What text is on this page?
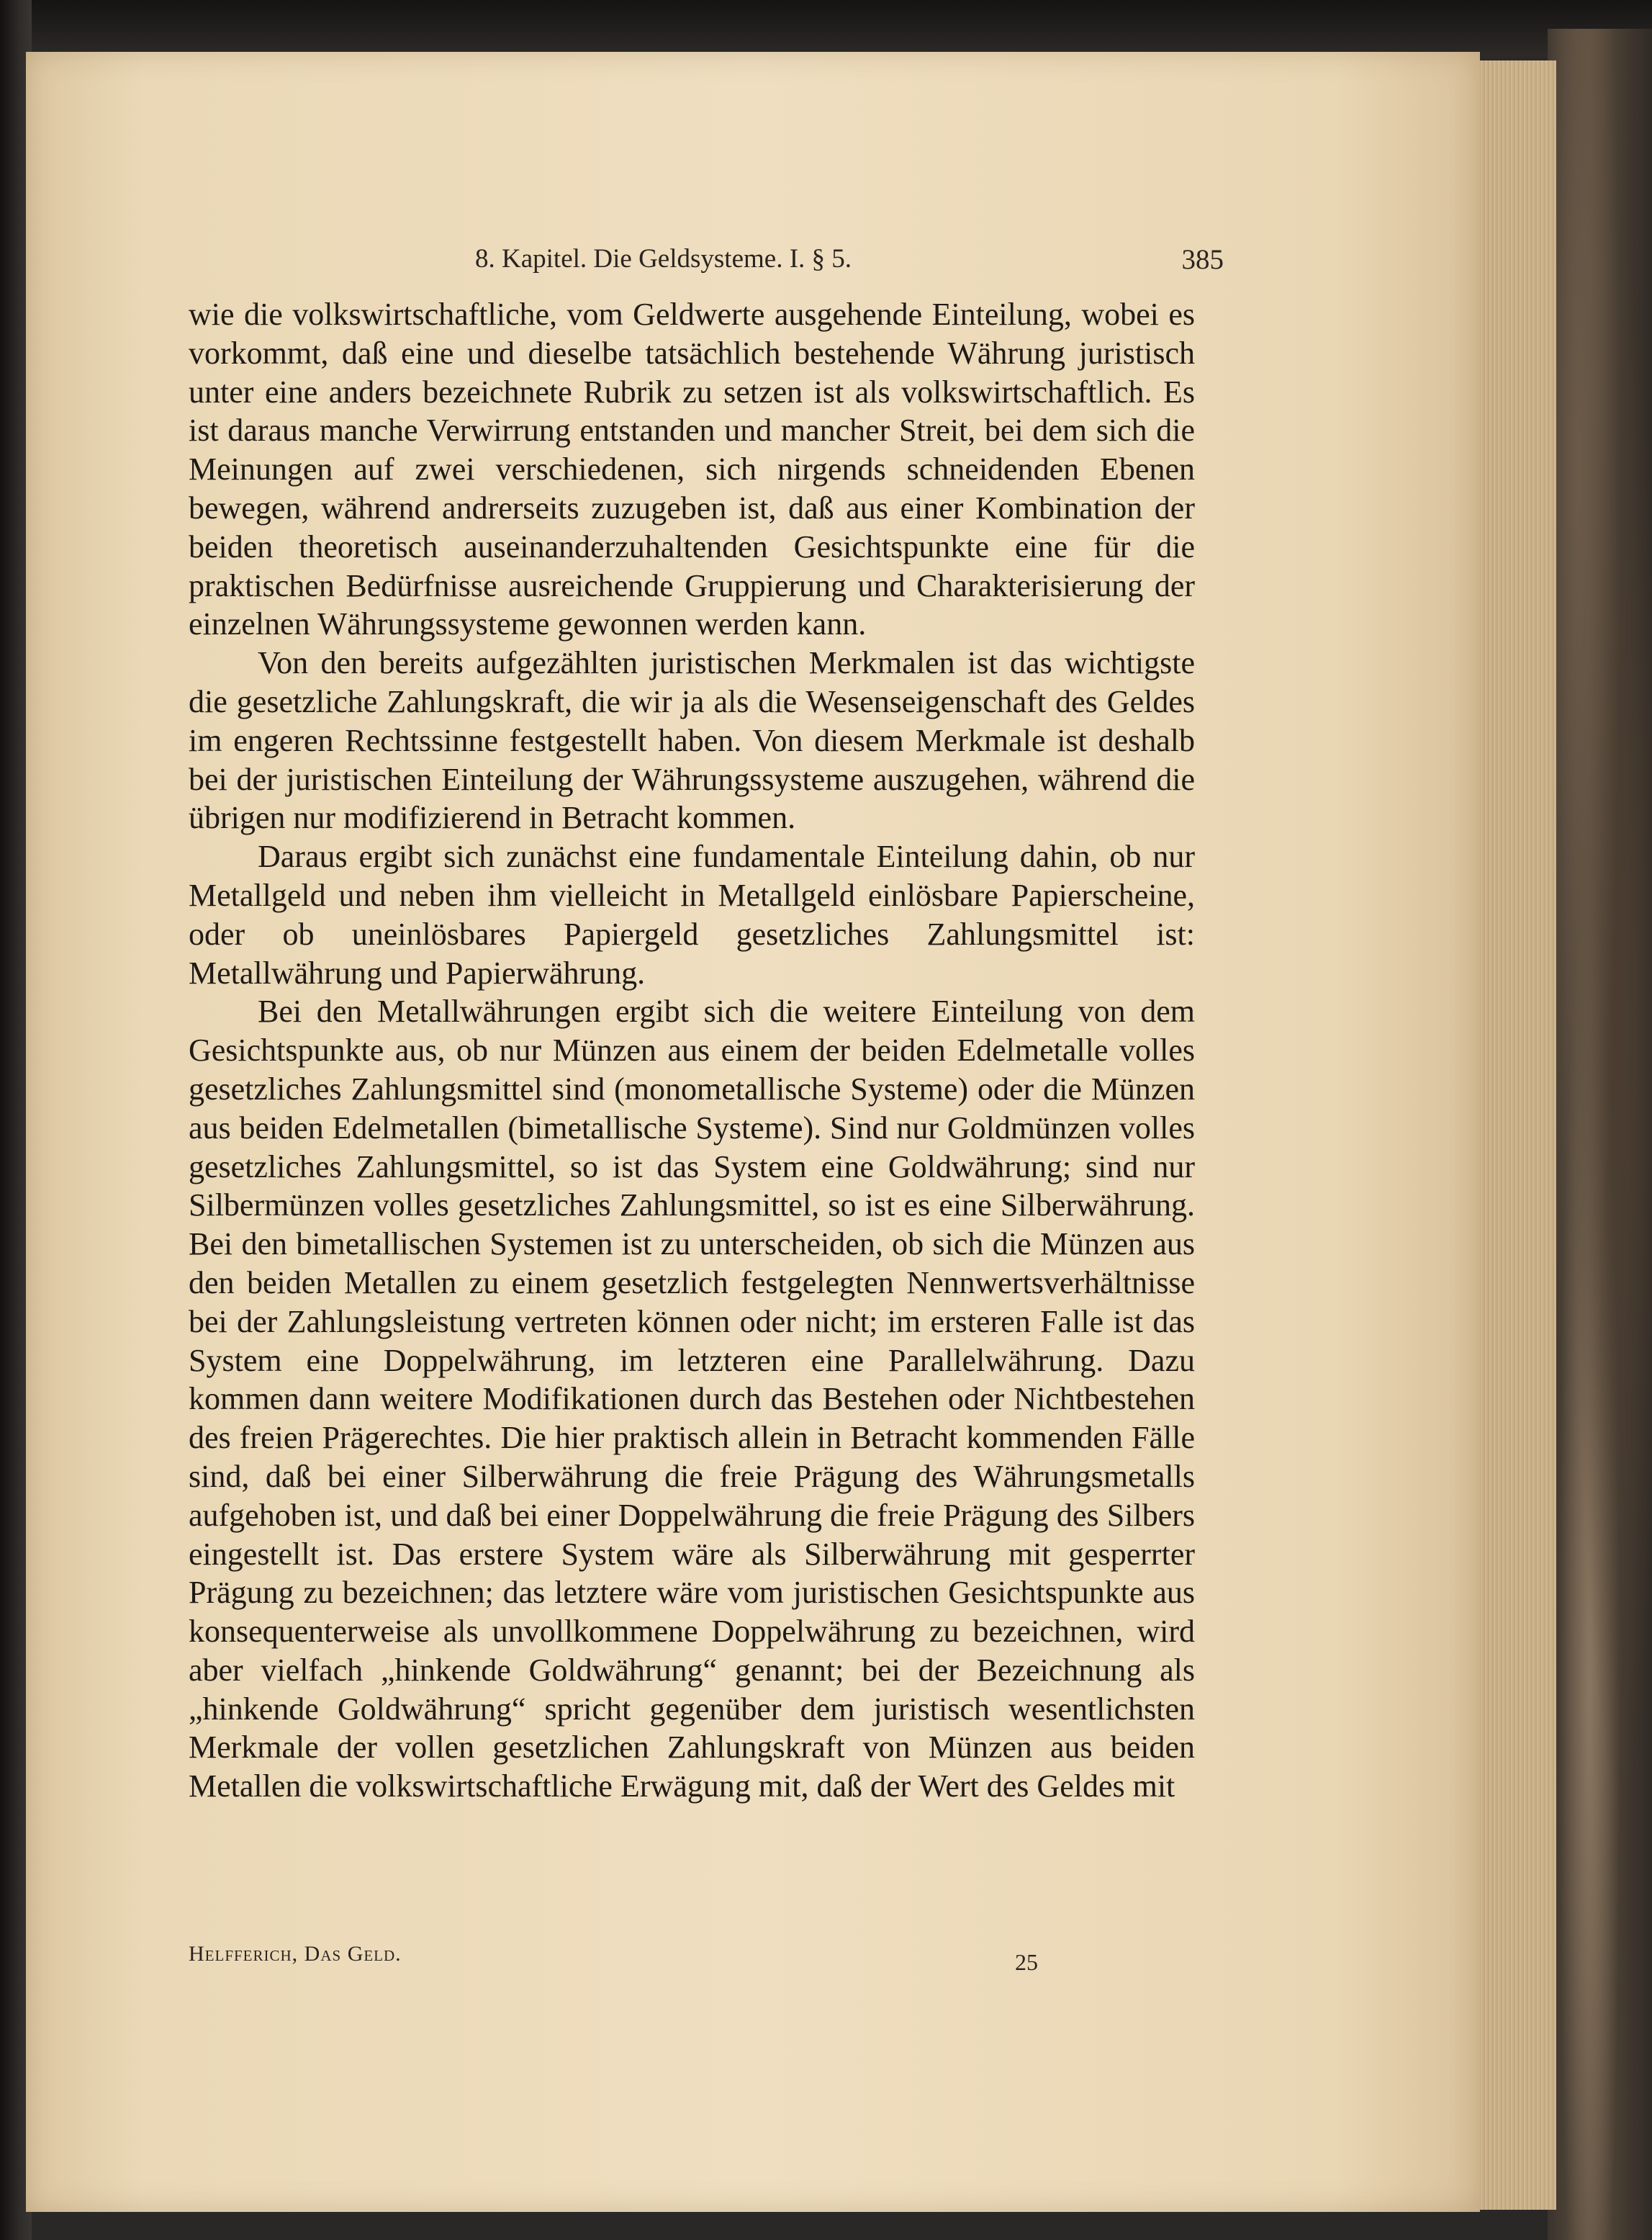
8. Kapitel. Die Geldsysteme. I. § 5.	385

wie die volkswirtschaftliche, vom Geldwerte ausgehende Einteilung, wobei es vorkommt, daß eine und dieselbe tatsächlich bestehende Währung juristisch unter eine anders bezeichnete Rubrik zu setzen ist als volkswirtschaftlich. Es ist daraus manche Verwirrung entstanden und mancher Streit, bei dem sich die Meinungen auf zwei verschiedenen, sich nirgends schneidenden Ebenen bewegen, während andrerseits zuzugeben ist, daß aus einer Kombination der beiden theoretisch auseinanderzuhaltenden Gesichtspunkte eine für die praktischen Bedürfnisse ausreichende Gruppierung und Charakterisierung der einzelnen Währungssysteme gewonnen werden kann.

Von den bereits aufgezählten juristischen Merkmalen ist das wichtigste die gesetzliche Zahlungskraft, die wir ja als die Wesenseigenschaft des Geldes im engeren Rechtssinne festgestellt haben. Von diesem Merkmale ist deshalb bei der juristischen Einteilung der Währungssysteme auszugehen, während die übrigen nur modifizierend in Betracht kommen.

Daraus ergibt sich zunächst eine fundamentale Einteilung dahin, ob nur Metallgeld und neben ihm vielleicht in Metallgeld einlösbare Papierscheine, oder ob uneinlösbares Papiergeld gesetzliches Zahlungsmittel ist: Metallwährung und Papierwährung.

Bei den Metallwährungen ergibt sich die weitere Einteilung von dem Gesichtspunkte aus, ob nur Münzen aus einem der beiden Edelmetalle volles gesetzliches Zahlungsmittel sind (monometallische Systeme) oder die Münzen aus beiden Edelmetallen (bimetallische Systeme). Sind nur Goldmünzen volles gesetzliches Zahlungsmittel, so ist das System eine Goldwährung; sind nur Silbermünzen volles gesetzliches Zahlungsmittel, so ist es eine Silberwährung. Bei den bimetallischen Systemen ist zu unterscheiden, ob sich die Münzen aus den beiden Metallen zu einem gesetzlich festgelegten Nennwertsverhältnisse bei der Zahlungsleistung vertreten können oder nicht; im ersteren Falle ist das System eine Doppelwährung, im letzteren eine Parallelwährung. Dazu kommen dann weitere Modifikationen durch das Bestehen oder Nichtbestehen des freien Prägerechtes. Die hier praktisch allein in Betracht kommenden Fälle sind, daß bei einer Silberwährung die freie Prägung des Währungsmetalls aufgehoben ist, und daß bei einer Doppelwährung die freie Prägung des Silbers eingestellt ist. Das erstere System wäre als Silberwährung mit gesperrter Prägung zu bezeichnen; das letztere wäre vom juristischen Gesichtspunkte aus konsequenterweise als unvollkommene Doppelwährung zu bezeichnen, wird aber vielfach „hinkende Goldwährung“ genannt; bei der Bezeichnung als „hinkende Goldwährung“ spricht gegenüber dem juristisch wesentlichsten Merkmale der vollen gesetzlichen Zahlungskraft von Münzen aus beiden Metallen die volkswirtschaftliche Erwägung mit, daß der Wert des Geldes mit

Helfferich, Das Geld.	25
